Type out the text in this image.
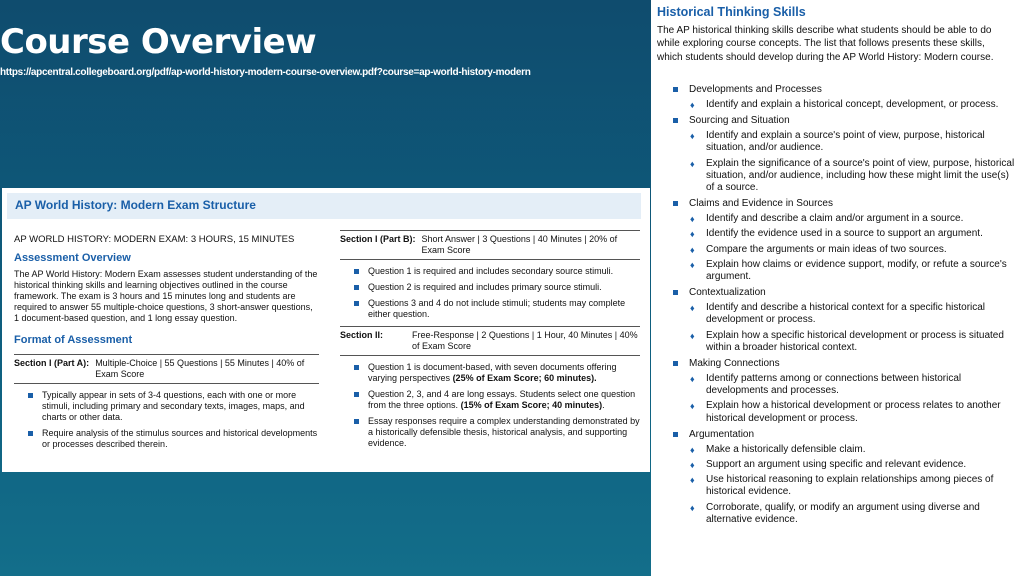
Course Overview
https://apcentral.collegeboard.org/pdf/ap-world-history-modern-course-overview.pdf?course=ap-world-history-modern
AP World History: Modern Exam Structure

AP WORLD HISTORY: MODERN EXAM: 3 HOURS, 15 MINUTES

Assessment Overview

The AP World History: Modern Exam assesses student understanding of the historical thinking skills and learning objectives outlined in the course framework. The exam is 3 hours and 15 minutes long and students are required to answer 55 multiple-choice questions, 3 short-answer questions, 1 document-based question, and 1 long essay question.

Format of Assessment

Section I (Part A): Multiple-Choice | 55 Questions | 55 Minutes | 40% of Exam Score
Typically appear in sets of 3-4 questions, each with one or more stimuli, including primary and secondary texts, images, maps, and charts or other data.
Require analysis of the stimulus sources and historical developments or processes described therein.
Section I (Part B): Short Answer | 3 Questions | 40 Minutes | 20% of Exam Score
Question 1 is required and includes secondary source stimuli.
Question 2 is required and includes primary source stimuli.
Questions 3 and 4 do not include stimuli; students may complete either question.
Section II:	Free-Response | 2 Questions | 1 Hour, 40 Minutes | 40% of Exam Score
Question 1 is document-based, with seven documents offering varying perspectives (25% of Exam Score; 60 minutes).
Question 2, 3, and 4 are long essays. Students select one question from the three options. (15% of Exam Score; 40 minutes).
Essay responses require a complex understanding demonstrated by a historically defensible thesis, historical analysis, and supporting evidence.
Historical Thinking Skills

The AP historical thinking skills describe what students should be able to do while exploring course concepts. The list that follows presents these skills, which students should develop during the AP World History: Modern course.

Developments and Processes
♦ Identify and explain a historical concept, development, or process.
Sourcing and Situation
♦ Identify and explain a source's point of view, purpose, historical situation, and/or audience.
♦ Explain the significance of a source's point of view, purpose, historical situation, and/or audience, including how these might limit the use(s) of a source.
Claims and Evidence in Sources
♦ Identify and describe a claim and/or argument in a source.
♦ Identify the evidence used in a source to support an argument.
♦ Compare the arguments or main ideas of two sources.
♦ Explain how claims or evidence support, modify, or refute a source's argument.
Contextualization
♦ Identify and describe a historical context for a specific historical development or process.
♦ Explain how a specific historical development or process is situated within a broader historical context.
Making Connections
♦ Identify patterns among or connections between historical developments and processes.
♦ Explain how a historical development or process relates to another historical development or process.
Argumentation
♦ Make a historically defensible claim.
♦ Support an argument using specific and relevant evidence.
♦ Use historical reasoning to explain relationships among pieces of historical evidence.
♦ Corroborate, qualify, or modify an argument using diverse and alternative evidence.
